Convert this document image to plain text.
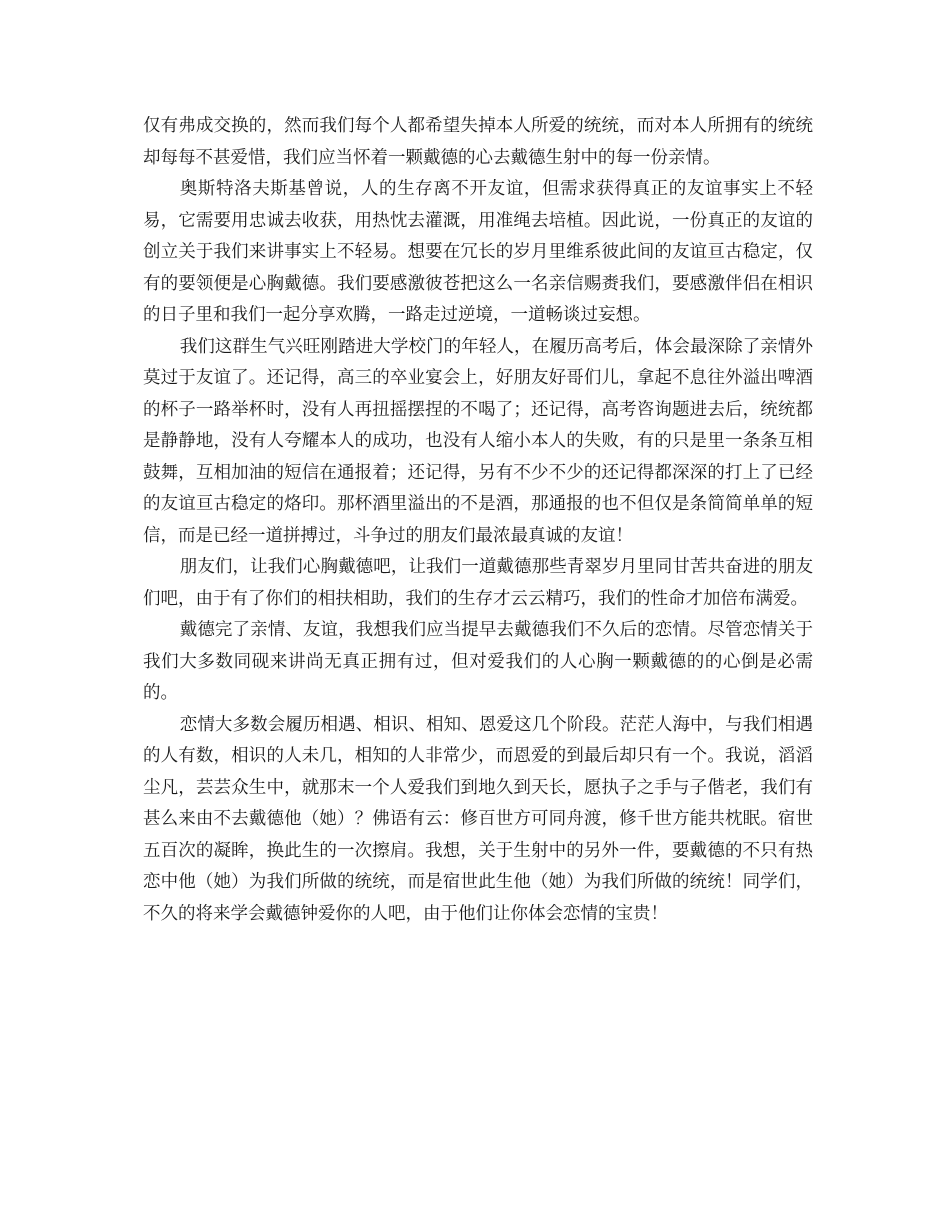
仅有弗成交换的，然而我们每个人都希望失掉本人所爱的统统，而对本人所拥有的统统却每每不甚爱惜，我们应当怀着一颗戴德的心去戴德生射中的每一份亲情。

奥斯特洛夫斯基曾说，人的生存离不开友谊，但需求获得真正的友谊事实上不轻易，它需要用忠诚去收获，用热忱去灌溉，用准绳去培植。因此说，一份真正的友谊的创立关于我们来讲事实上不轻易。想要在冗长的岁月里维系彼此间的友谊亘古稳定，仅有的要领便是心胸戴德。我们要感激彼苍把这么一名亲信赐赉我们，要感激伴侣在相识的日子里和我们一起分享欢腾，一路走过逆境，一道畅谈过妄想。

我们这群生气兴旺刚踏进大学校门的年轻人，在履历高考后，体会最深除了亲情外莫过于友谊了。还记得，高三的卒业宴会上，好朋友好哥们儿，拿起不息往外溢出啤酒的杯子一路举杯时，没有人再扭摇摆捏的不喝了；还记得，高考咨询题进去后，统统都是静静地，没有人夸耀本人的成功，也没有人缩小本人的失败，有的只是里一条条互相鼓舞，互相加油的短信在通报着；还记得，另有不少不少的还记得都深深的打上了已经的友谊亘古稳定的烙印。那杯酒里溢出的不是酒，那通报的也不但仅是条简简单单的短信，而是已经一道拼搏过，斗争过的朋友们最浓最真诚的友谊！

朋友们，让我们心胸戴德吧，让我们一道戴德那些青翠岁月里同甘苦共奋进的朋友们吧，由于有了你们的相扶相助，我们的生存才云云精巧，我们的性命才加倍布满爱。

戴德完了亲情、友谊，我想我们应当提早去戴德我们不久后的恋情。尽管恋情关于我们大多数同砚来讲尚无真正拥有过，但对爱我们的人心胸一颗戴德的的心倒是必需的。

恋情大多数会履历相遇、相识、相知、恩爱这几个阶段。茫茫人海中，与我们相遇的人有数，相识的人未几，相知的人非常少，而恩爱的到最后却只有一个。我说，滔滔尘凡，芸芸众生中，就那末一个人爱我们到地久到天长，愿执子之手与子偕老，我们有甚么来由不去戴德他（她）？佛语有云：修百世方可同舟渡，修千世方能共枕眠。宿世五百次的凝眸，换此生的一次擦肩。我想，关于生射中的另外一件，要戴德的不只有热恋中他（她）为我们所做的统统，而是宿世此生他（她）为我们所做的统统！同学们，不久的将来学会戴德钟爱你的人吧，由于他们让你体会恋情的宝贵！
